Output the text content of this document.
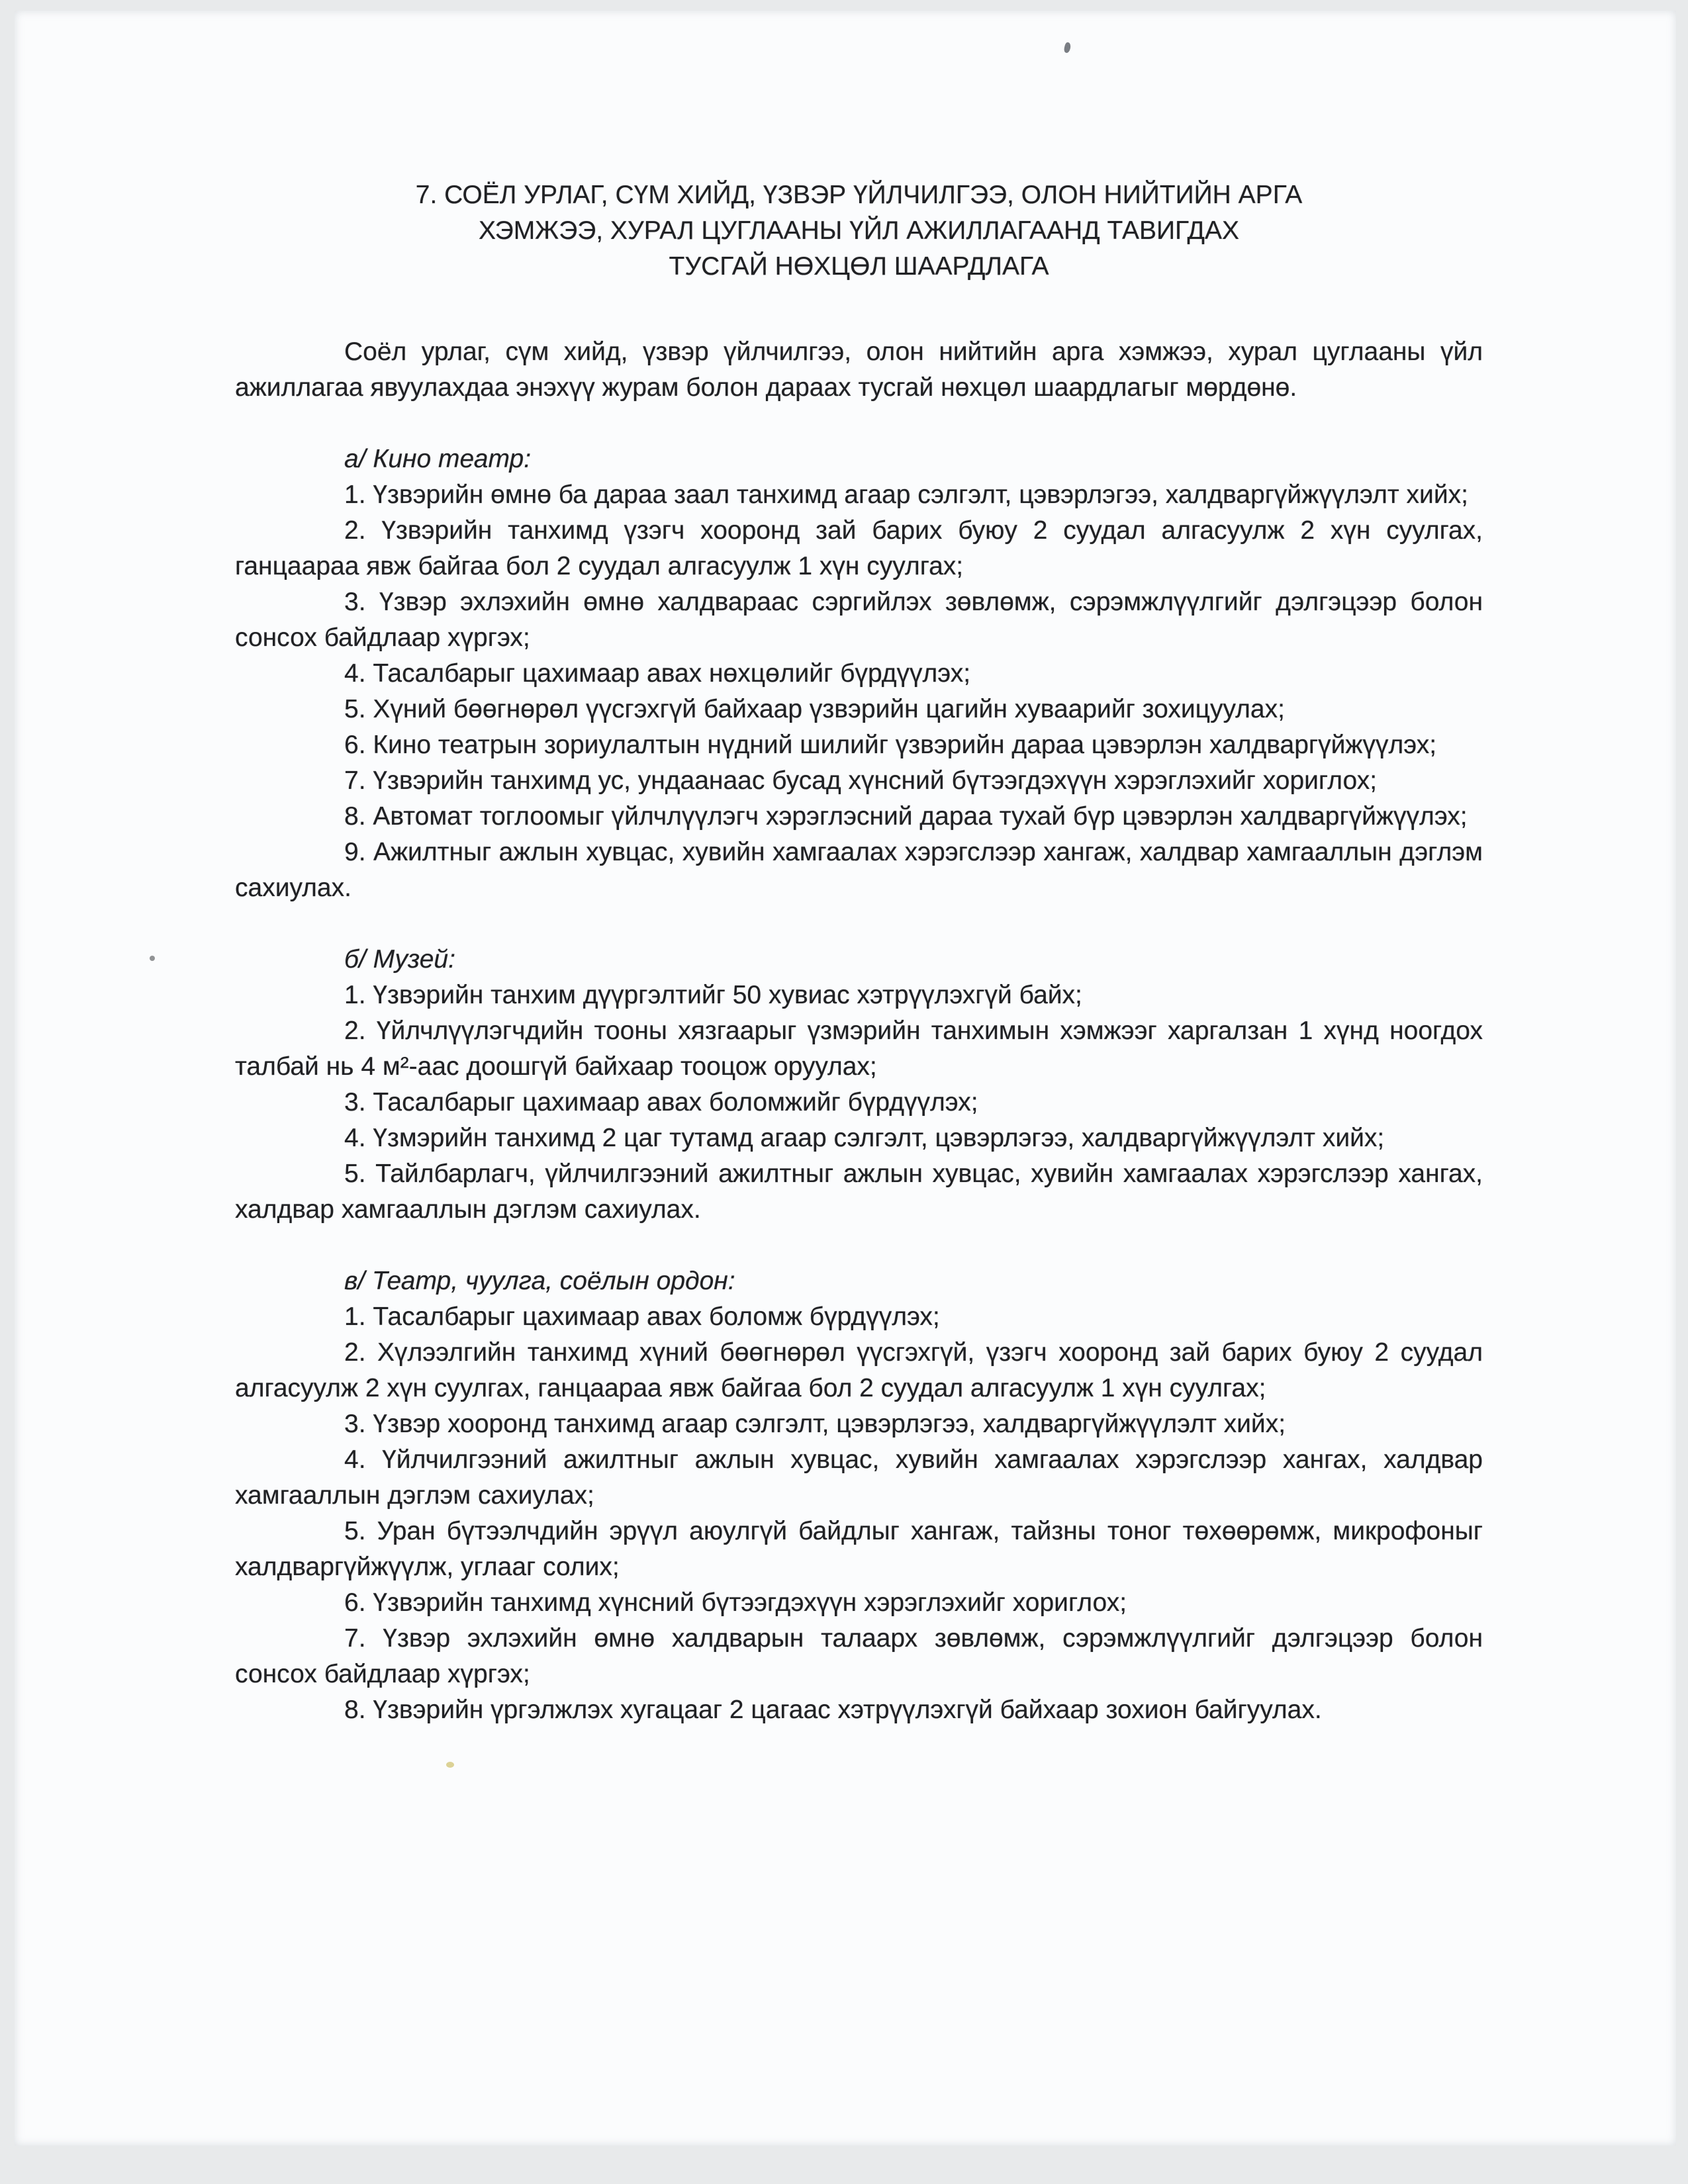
7. СОЁЛ УРЛАГ, СҮМ ХИЙД, ҮЗВЭР ҮЙЛЧИЛГЭЭ, ОЛОН НИЙТИЙН АРГА
ХЭМЖЭЭ, ХУРАЛ ЦУГЛААНЫ ҮЙЛ АЖИЛЛАГААНД ТАВИГДАХ
ТУСГАЙ НӨХЦӨЛ ШААРДЛАГА

Соёл урлаг, сүм хийд, үзвэр үйлчилгээ, олон нийтийн арга хэмжээ, хурал цуглааны үйл ажиллагаа явуулахдаа энэхүү журам болон дараах тусгай нөхцөл шаардлагыг мөрдөнө.

а/ Кино театр:

1. Үзвэрийн өмнө ба дараа заал танхимд агаар сэлгэлт, цэвэрлэгээ, халдваргүйжүүлэлт хийх;

2. Үзвэрийн танхимд үзэгч хооронд зай барих буюу 2 суудал алгасуулж 2 хүн суулгах, ганцаараа явж байгаа бол 2 суудал алгасуулж 1 хүн суулгах;

3. Үзвэр эхлэхийн өмнө халдвараас сэргийлэх зөвлөмж, сэрэмжлүүлгийг дэлгэцээр болон сонсох байдлаар хүргэх;

4. Тасалбарыг цахимаар авах нөхцөлийг бүрдүүлэх;

5. Хүний бөөгнөрөл үүсгэхгүй байхаар үзвэрийн цагийн хуваарийг зохицуулах;

6. Кино театрын зориулалтын нүдний шилийг үзвэрийн дараа цэвэрлэн халдваргүйжүүлэх;

7. Үзвэрийн танхимд ус, ундаанаас бусад хүнсний бүтээгдэхүүн хэрэглэхийг хориглох;

8. Автомат тоглоомыг үйлчлүүлэгч хэрэглэсний дараа тухай бүр цэвэрлэн халдваргүйжүүлэх;

9. Ажилтныг ажлын хувцас, хувийн хамгаалах хэрэгслээр хангаж, халдвар хамгааллын дэглэм сахиулах.

б/ Музей:

1. Үзвэрийн танхим дүүргэлтийг 50 хувиас хэтрүүлэхгүй байх;

2. Үйлчлүүлэгчдийн тооны хязгаарыг үзмэрийн танхимын хэмжээг харгалзан 1 хүнд ноогдох талбай нь 4 м²-аас доошгүй байхаар тооцож оруулах;

3. Тасалбарыг цахимаар авах боломжийг бүрдүүлэх;

4. Үзмэрийн танхимд 2 цаг тутамд агаар сэлгэлт, цэвэрлэгээ, халдваргүйжүүлэлт хийх;

5. Тайлбарлагч, үйлчилгээний ажилтныг ажлын хувцас, хувийн хамгаалах хэрэгслээр хангах, халдвар хамгааллын дэглэм сахиулах.

в/ Театр, чуулга, соёлын ордон:

1. Тасалбарыг цахимаар авах боломж бүрдүүлэх;

2. Хүлээлгийн танхимд хүний бөөгнөрөл үүсгэхгүй, үзэгч хооронд зай барих буюу 2 суудал алгасуулж 2 хүн суулгах, ганцаараа явж байгаа бол 2 суудал алгасуулж 1 хүн суулгах;

3. Үзвэр хооронд танхимд агаар сэлгэлт, цэвэрлэгээ, халдваргүйжүүлэлт хийх;

4. Үйлчилгээний ажилтныг ажлын хувцас, хувийн хамгаалах хэрэгслээр хангах, халдвар хамгааллын дэглэм сахиулах;

5. Уран бүтээлчдийн эрүүл аюулгүй байдлыг хангаж, тайзны тоног төхөөрөмж, микрофоныг халдваргүйжүүлж, углааг солих;

6. Үзвэрийн танхимд хүнсний бүтээгдэхүүн хэрэглэхийг хориглох;

7. Үзвэр эхлэхийн өмнө халдварын талаарх зөвлөмж, сэрэмжлүүлгийг дэлгэцээр болон сонсох байдлаар хүргэх;

8. Үзвэрийн үргэлжлэх хугацааг 2 цагаас хэтрүүлэхгүй байхаар зохион байгуулах.
